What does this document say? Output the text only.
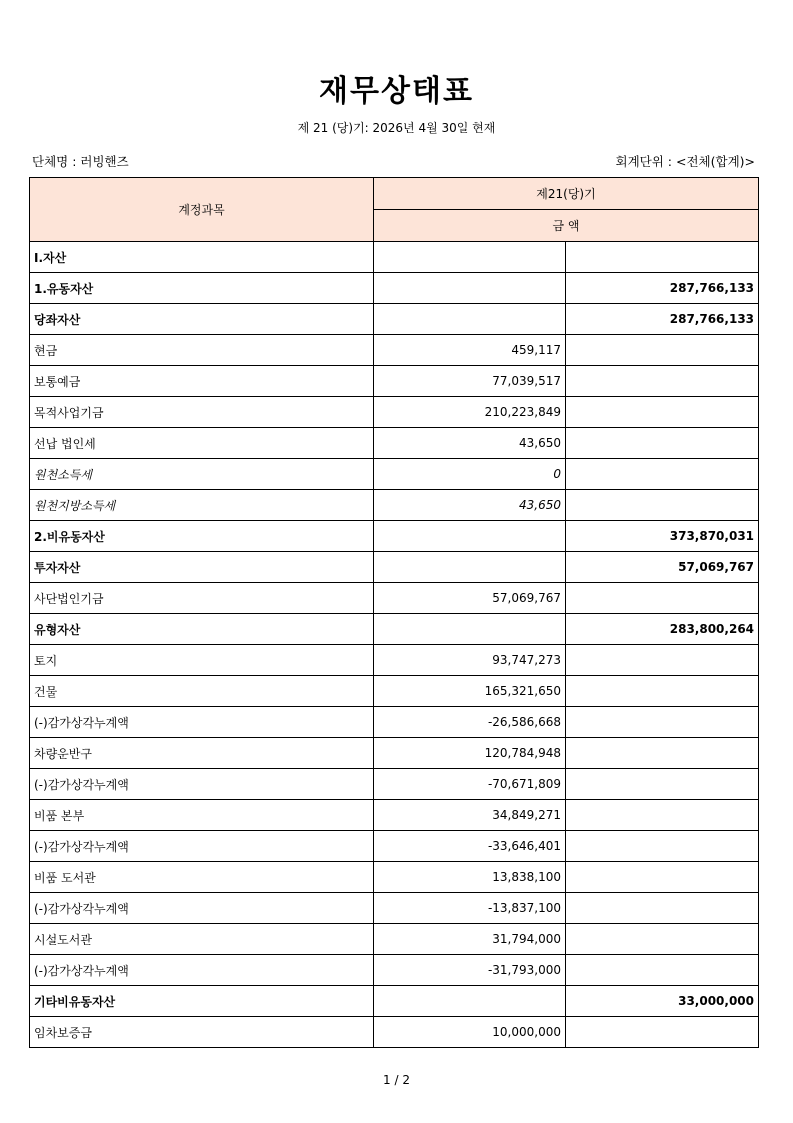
재무상태표
제 21 (당)기: 2026년 4월 30일 현재
단체명 : 러빙핸즈	회계단위 : <전체(합계)>
계정과목	제21(당)기	
	금 액	
I.자산		
1.유동자산		287,766,133
당좌자산		287,766,133
현금	459,117	
보통예금	77,039,517	
목적사업기금	210,223,849	
선납 법인세	43,650	
원천소득세	0	
원천지방소득세	43,650	
2.비유동자산		373,870,031
투자자산		57,069,767
사단법인기금	57,069,767	
유형자산		283,800,264
토지	93,747,273	
건물	165,321,650	
(-)감가상각누계액	-26,586,668	
차량운반구	120,784,948	
(-)감가상각누계액	-70,671,809	
비품 본부	34,849,271	
(-)감가상각누계액	-33,646,401	
비품 도서관	13,838,100	
(-)감가상각누계액	-13,837,100	
시설도서관	31,794,000	
(-)감가상각누계액	-31,793,000	
기타비유동자산		33,000,000
임차보증금	10,000,000	
1 / 2
